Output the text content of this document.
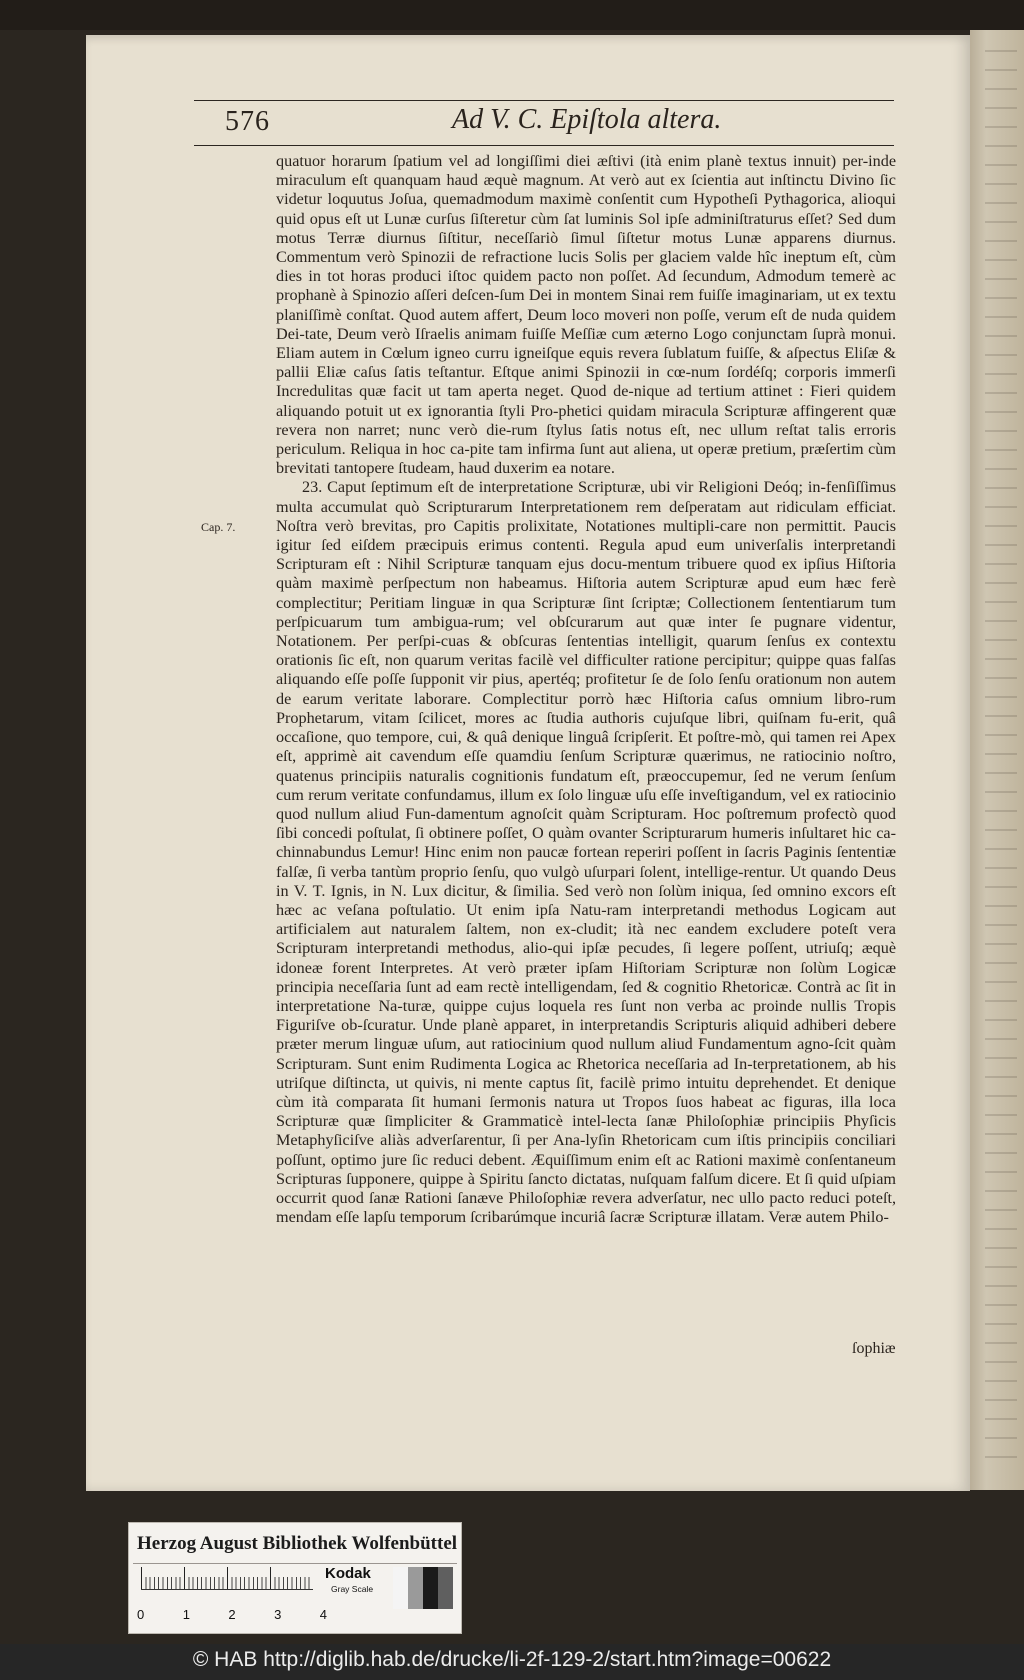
576	Ad V. C. Epiſtola altera.
Cap. 7.

quatuor horarum ſpatium vel ad longiſſimi diei æſtivi (ità enim planè textus innuit) per-inde miraculum eſt quanquam haud æquè magnum. At verò aut ex ſcientia aut inſtinctu Divino ſic videtur loquutus Joſua, quemadmodum maximè conſentit cum Hypotheſi Pythagorica, alioqui quid opus eſt ut Lunæ curſus ſiſteretur cùm ſat luminis Sol ipſe adminiſtraturus eſſet? Sed dum motus Terræ diurnus ſiſtitur, neceſſariò ſimul ſiſtetur motus Lunæ apparens diurnus. Commentum verò Spinozii de refractione lucis Solis per glaciem valde hîc ineptum eſt, cùm dies in tot horas produci iſtoc quidem pacto non poſſet. Ad ſecundum, Admodum temerè ac prophanè à Spinozio aſſeri deſcen-ſum Dei in montem Sinai rem fuiſſe imaginariam, ut ex textu planiſſimè conſtat. Quod autem affert, Deum loco moveri non poſſe, verum eſt de nuda quidem Dei-tate, Deum verò Iſraelis animam fuiſſe Meſſiæ cum æterno Logo conjunctam ſuprà monui. Eliam autem in Cœlum igneo curru igneiſque equis revera ſublatum fuiſſe, & aſpectus Eliſæ & pallii Eliæ caſus ſatis teſtantur. Eſtque animi Spinozii in cœ-num ſordéſq; corporis immerſi Incredulitas quæ facit ut tam aperta neget. Quod de-nique ad tertium attinet : Fieri quidem aliquando potuit ut ex ignorantia ſtyli Pro-phetici quidam miracula Scripturæ affingerent quæ revera non narret; nunc verò die-rum ſtylus ſatis notus eſt, nec ullum reſtat talis erroris periculum. Reliqua in hoc ca-pite tam infirma ſunt aut aliena, ut operæ pretium, præſertim cùm brevitati tantopere ſtudeam, haud duxerim ea notare.

23. Caput ſeptimum eſt de interpretatione Scripturæ, ubi vir Religioni Deóq; in-fenſiſſimus multa accumulat quò Scripturarum Interpretationem rem deſperatam aut ridiculam efficiat. Noſtra verò brevitas, pro Capitis prolixitate, Notationes multipli-care non permittit. Paucis igitur ſed eiſdem præcipuis erimus contenti. Regula apud eum univerſalis interpretandi Scripturam eſt : Nihil Scripturæ tanquam ejus docu-mentum tribuere quod ex ipſius Hiſtoria quàm maximè perſpectum non habeamus. Hiſtoria autem Scripturæ apud eum hæc ferè complectitur; Peritiam linguæ in qua Scripturæ ſint ſcriptæ; Collectionem ſententiarum tum perſpicuarum tum ambigua-rum; vel obſcurarum aut quæ inter ſe pugnare videntur, Notationem. Per perſpi-cuas & obſcuras ſententias intelligit, quarum ſenſus ex contextu orationis ſic eſt, non quarum veritas facilè vel difficulter ratione percipitur; quippe quas falſas aliquando eſſe poſſe ſupponit vir pius, apertéq; profitetur ſe de ſolo ſenſu orationum non autem de earum veritate laborare. Complectitur porrò hæc Hiſtoria caſus omnium libro-rum Prophetarum, vitam ſcilicet, mores ac ſtudia authoris cujuſque libri, quiſnam fu-erit, quâ occaſione, quo tempore, cui, & quâ denique linguâ ſcripſerit. Et poſtre-mò, qui tamen rei Apex eſt, apprimè ait cavendum eſſe quamdiu ſenſum Scripturæ quærimus, ne ratiocinio noſtro, quatenus principiis naturalis cognitionis fundatum eſt, præoccupemur, ſed ne verum ſenſum cum rerum veritate confundamus, illum ex ſolo linguæ uſu eſſe inveſtigandum, vel ex ratiocinio quod nullum aliud Fun-damentum agnoſcit quàm Scripturam. Hoc poſtremum profectò quod ſibi concedi poſtulat, ſi obtinere poſſet, O quàm ovanter Scripturarum humeris inſultaret hic ca-chinnabundus Lemur! Hinc enim non paucæ fortean reperiri poſſent in ſacris Paginis ſententiæ falſæ, ſi verba tantùm proprio ſenſu, quo vulgò uſurpari ſolent, intellige-rentur. Ut quando Deus in V. T. Ignis, in N. Lux dicitur, & ſimilia. Sed verò non ſolùm iniqua, ſed omnino excors eſt hæc ac veſana poſtulatio. Ut enim ipſa Natu-ram interpretandi methodus Logicam aut artificialem aut naturalem ſaltem, non ex-cludit; ità nec eandem excludere poteſt vera Scripturam interpretandi methodus, alio-qui ipſæ pecudes, ſi legere poſſent, utriuſq; æquè idoneæ forent Interpretes. At verò præter ipſam Hiſtoriam Scripturæ non ſolùm Logicæ principia neceſſaria ſunt ad eam rectè intelligendam, ſed & cognitio Rhetoricæ. Contrà ac ſit in interpretatione Na-turæ, quippe cujus loquela res ſunt non verba ac proinde nullis Tropis Figuriſve ob-ſcuratur. Unde planè apparet, in interpretandis Scripturis aliquid adhiberi debere præter merum linguæ uſum, aut ratiocinium quod nullum aliud Fundamentum agno-ſcit quàm Scripturam. Sunt enim Rudimenta Logica ac Rhetorica neceſſaria ad In-terpretationem, ab his utriſque diſtincta, ut quivis, ni mente captus ſit, facilè primo intuitu deprehendet. Et denique cùm ità comparata ſit humani ſermonis natura ut Tropos ſuos habeat ac figuras, illa loca Scripturæ quæ ſimpliciter & Grammaticè intel-lecta ſanæ Philoſophiæ principiis Phyſicis Metaphyſiciſve aliàs adverſarentur, ſi per Ana-lyſin Rhetoricam cum iſtis principiis conciliari poſſunt, optimo jure ſic reduci debent. Æquiſſimum enim eſt ac Rationi maximè conſentaneum Scripturas ſupponere, quippe à Spiritu ſancto dictatas, nuſquam falſum dicere. Et ſi quid uſpiam occurrit quod ſanæ Rationi ſanæve Philoſophiæ revera adverſatur, nec ullo pacto reduci poteſt, mendam eſſe lapſu temporum ſcribarúmque incuriâ ſacræ Scripturæ illatam. Veræ autem Philo-

ſophiæ
Herzog August Bibliothek Wolfenbüttel
0	1	2	3	4
Kodak
Gray Scale
© HAB http://diglib.hab.de/drucke/li-2f-129-2/start.htm?image=00622
